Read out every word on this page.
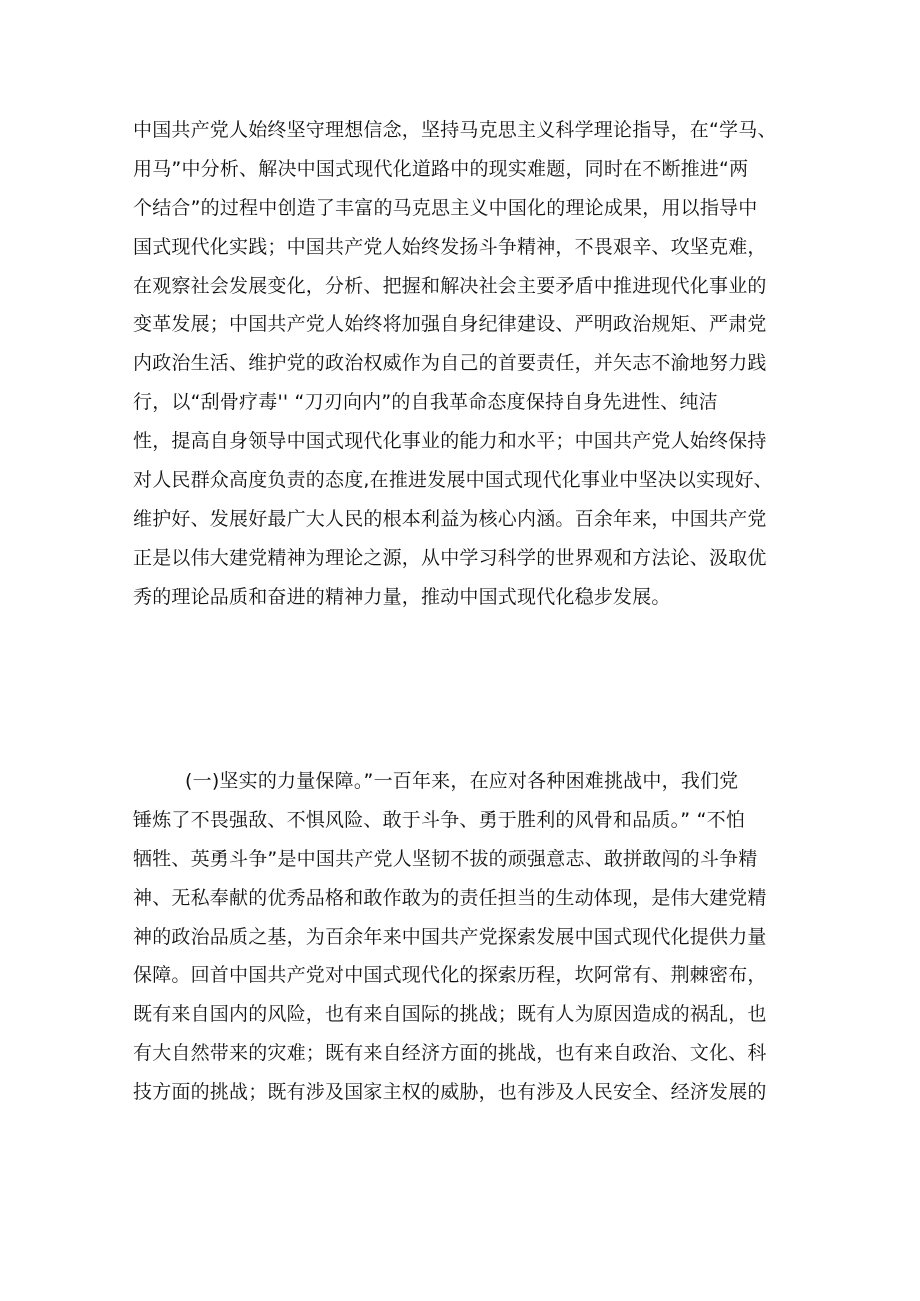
中国共产党人始终坚守理想信念，坚持马克思主义科学理论指导，在“学马、
用马”中分析、解决中国式现代化道路中的现实难题，同时在不断推进“两
个结合”的过程中创造了丰富的马克思主义中国化的理论成果，用以指导中
国式现代化实践；中国共产党人始终发扬斗争精神，不畏艰辛、攻坚克难，
在观察社会发展变化，分析、把握和解决社会主要矛盾中推进现代化事业的
变革发展；中国共产党人始终将加强自身纪律建设、严明政治规矩、严肃党
内政治生活、维护党的政治权威作为自己的首要责任，并矢志不渝地努力践
行，以“刮骨疗毒'' “刀刃向内”的自我革命态度保持自身先进性、纯洁
性，提高自身领导中国式现代化事业的能力和水平；中国共产党人始终保持
对人民群众高度负责的态度,在推进发展中国式现代化事业中坚决以实现好、
维护好、发展好最广大人民的根本利益为核心内涵。百余年来，中国共产党
正是以伟大建党精神为理论之源，从中学习科学的世界观和方法论、汲取优
秀的理论品质和奋进的精神力量，推动中国式现代化稳步发展。
(一)坚实的力量保障。”一百年来，在应对各种困难挑战中，我们党
锤炼了不畏强敌、不惧风险、敢于斗争、勇于胜利的风骨和品质。” “不怕
牺牲、英勇斗争”是中国共产党人坚韧不拔的顽强意志、敢拼敢闯的斗争精
神、无私奉献的优秀品格和敢作敢为的责任担当的生动体现，是伟大建党精
神的政治品质之基，为百余年来中国共产党探索发展中国式现代化提供力量
保障。回首中国共产党对中国式现代化的探索历程，坎阿常有、荆棘密布，
既有来自国内的风险，也有来自国际的挑战；既有人为原因造成的祸乱，也
有大自然带来的灾难；既有来自经济方面的挑战，也有来自政治、文化、科
技方面的挑战；既有涉及国家主权的威胁，也有涉及人民安全、经济发展的
